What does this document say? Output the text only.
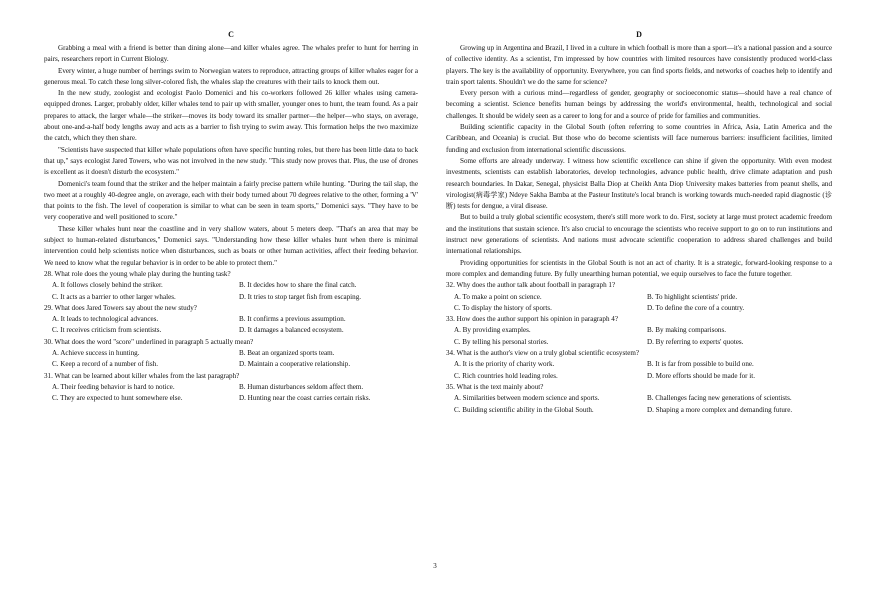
C

Grabbing a meal with a friend is better than dining alone—and killer whales agree. The whales prefer to hunt for herring in pairs, researchers report in Current Biology.

Every winter, a huge number of herrings swim to Norwegian waters to reproduce, attracting groups of killer whales eager for a generous meal. To catch these long silver-colored fish, the whales slap the creatures with their tails to knock them out.

In the new study, zoologist and ecologist Paolo Domenici and his co-workers followed 26 killer whales using camera-equipped drones. Larger, probably older, killer whales tend to pair up with smaller, younger ones to hunt, the team found. As a pair prepares to attack, the larger whale—the striker—moves its body toward its smaller partner—the helper—who stays, on average, about one-and-a-half body lengths away and acts as a barrier to fish trying to swim away. This formation helps the two maximize the catch, which they then share.

"Scientists have suspected that killer whale populations often have specific hunting roles, but there has been little data to back that up," says ecologist Jared Towers, who was not involved in the new study. "This study now proves that. Plus, the use of drones is excellent as it doesn't disturb the ecosystem."

Domenici's team found that the striker and the helper maintain a fairly precise pattern while hunting. "During the tail slap, the two meet at a roughly 40-degree angle, on average, each with their body turned about 70 degrees relative to the other, forming a 'V' that points to the fish. The level of cooperation is similar to what can be seen in team sports," Domenici says. "They have to be very cooperative and well positioned to score."

These killer whales hunt near the coastline and in very shallow waters, about 5 meters deep. "That's an area that may be subject to human-related disturbances," Domenici says. "Understanding how these killer whales hunt when there is minimal intervention could help scientists notice when disturbances, such as boats or other human activities, affect their feeding behavior. We need to know what the regular behavior is in order to be able to protect them."

28. What role does the young whale play during the hunting task?
A. It follows closely behind the striker.	B. It decides how to share the final catch.
C. It acts as a barrier to other larger whales.	D. It tries to stop target fish from escaping.
29. What does Jared Towers say about the new study?
A. It leads to technological advances.	B. It confirms a previous assumption.
C. It receives criticism from scientists.	D. It damages a balanced ecosystem.
30. What does the word "score" underlined in paragraph 5 actually mean?
A. Achieve success in hunting.	B. Beat an organized sports team.
C. Keep a record of a number of fish.	D. Maintain a cooperative relationship.
31. What can be learned about killer whales from the last paragraph?
A. Their feeding behavior is hard to notice.	B. Human disturbances seldom affect them.
C. They are expected to hunt somewhere else.	D. Hunting near the coast carries certain risks.
D

Growing up in Argentina and Brazil, I lived in a culture in which football is more than a sport—it's a national passion and a source of collective identity. As a scientist, I'm impressed by how countries with limited resources have consistently produced world-class players. The key is the availability of opportunity. Everywhere, you can find sports fields, and networks of coaches help to identify and train sport talents. Shouldn't we do the same for science?

Every person with a curious mind—regardless of gender, geography or socioeconomic status—should have a real chance of becoming a scientist. Science benefits human beings by addressing the world's environmental, health, technological and social challenges. It should be widely seen as a career to long for and a source of pride for families and communities.

Building scientific capacity in the Global South (often referring to some countries in Africa, Asia, Latin America and the Caribbean, and Oceania) is crucial. But those who do become scientists will face numerous barriers: insufficient facilities, limited funding and exclusion from international scientific discussions.

Some efforts are already underway. I witness how scientific excellence can shine if given the opportunity. With even modest investments, scientists can establish laboratories, develop technologies, advance public health, drive climate adaptation and push research boundaries. In Dakar, Senegal, physicist Balla Diop at Cheikh Anta Diop University makes batteries from peanut shells, and virologist(病毒学家) Ndeye Sakha Bamba at the Pasteur Institute's local branch is working towards much-needed rapid diagnostic (诊断) tests for dengue, a viral disease.

But to build a truly global scientific ecosystem, there's still more work to do. First, society at large must protect academic freedom and the institutions that sustain science. It's also crucial to encourage the scientists who receive support to go on to run institutions and instruct new generations of scientists. And nations must advocate scientific cooperation to address shared challenges and build international relationships.

Providing opportunities for scientists in the Global South is not an act of charity. It is a strategic, forward-looking response to a more complex and demanding future. By fully unearthing human potential, we equip ourselves to face the future together.

32. Why does the author talk about football in paragraph 1?
A. To make a point on science.	B. To highlight scientists' pride.
C. To display the history of sports.	D. To define the core of a country.
33. How does the author support his opinion in paragraph 4?
A. By providing examples.	B. By making comparisons.
C. By telling his personal stories.	D. By referring to experts' quotes.
34. What is the author's view on a truly global scientific ecosystem?
A. It is the priority of charity work.	B. It is far from possible to build one.
C. Rich countries hold leading roles.	D. More efforts should be made for it.
35. What is the text mainly about?
A. Similarities between modern science and sports.	B. Challenges facing new generations of scientists.
C. Building scientific ability in the Global South.	D. Shaping a more complex and demanding future.
3
